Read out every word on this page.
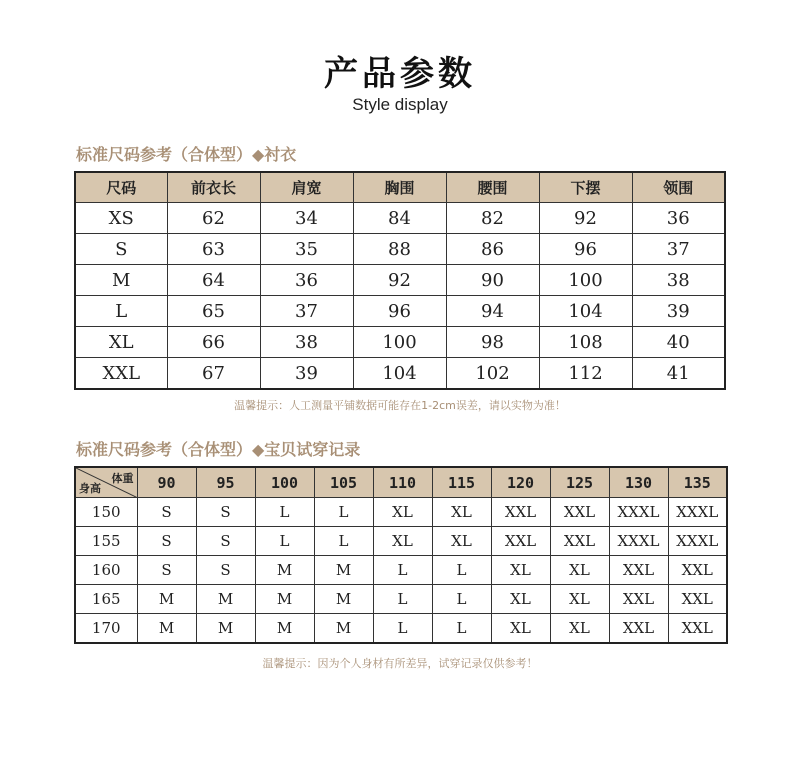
产品参数
Style display
标准尺码参考（合体型）◆衬衣
尺码	前衣长	肩宽	胸围	腰围	下摆	领围
XS	62	34	84	82	92	36
S	63	35	88	86	96	37
M	64	36	92	90	100	38
L	65	37	96	94	104	39
XL	66	38	100	98	108	40
XXL	67	39	104	102	112	41
温馨提示：人工测量平铺数据可能存在1-2cm误差，请以实物为准！
标准尺码参考（合体型）◆宝贝试穿记录
体重
身高	90	95	100	105	110	115	120	125	130	135
150	S	S	L	L	XL	XL	XXL	XXL	XXXL	XXXL
155	S	S	L	L	XL	XL	XXL	XXL	XXXL	XXXL
160	S	S	M	M	L	L	XL	XL	XXL	XXL
165	M	M	M	M	L	L	XL	XL	XXL	XXL
170	M	M	M	M	L	L	XL	XL	XXL	XXL
温馨提示：因为个人身材有所差异，试穿记录仅供参考！
